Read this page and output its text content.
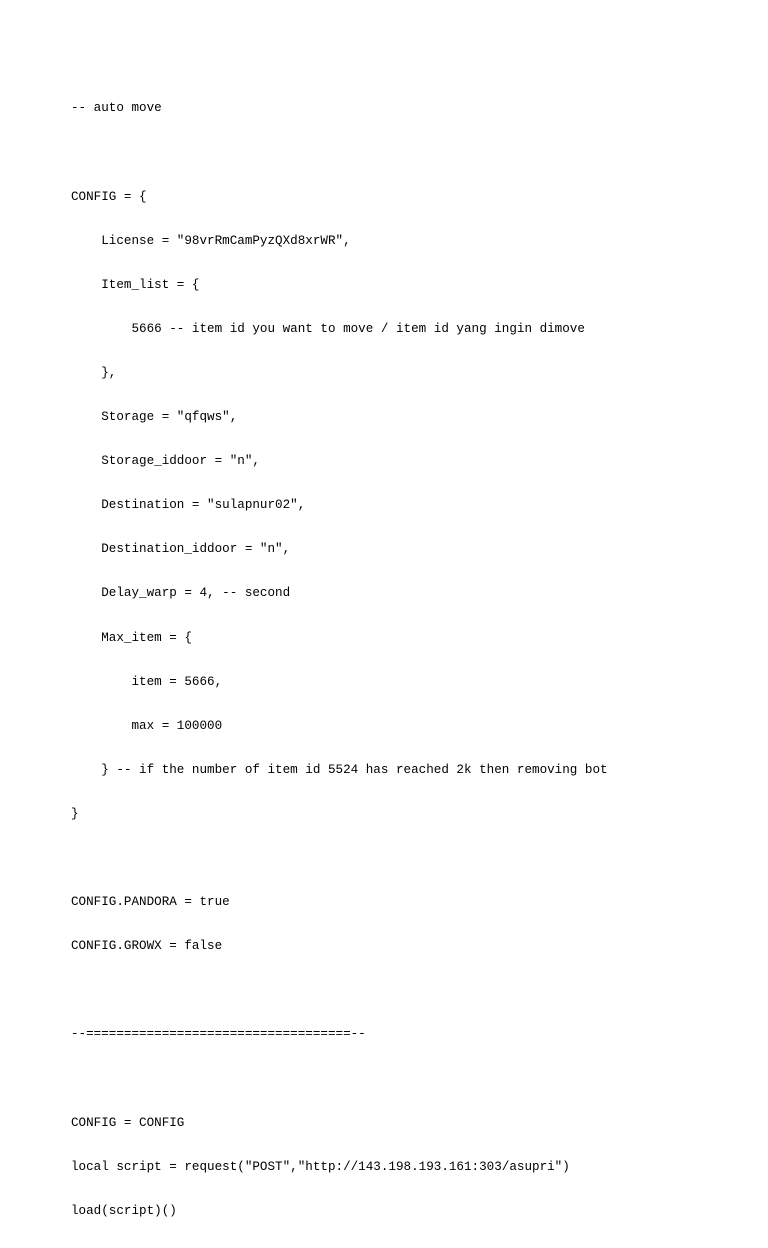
-- auto move

CONFIG = {

License = "98vrRmCamPyzQXd8xrWR",

Item_list = {

5666 -- item id you want to move / item id yang ingin dimove

},

Storage = "qfqws",

Storage_iddoor = "n",

Destination = "sulapnur02",

Destination_iddoor = "n",

Delay_warp = 4, -- second

Max_item = {

item = 5666,

max = 100000

} -- if the number of item id 5524 has reached 2k then removing bot

}

CONFIG.PANDORA = true

CONFIG.GROWX = false

--===================================--

CONFIG = CONFIG

local script = request("POST","http://143.198.193.161:303/asupri")

load(script)()
